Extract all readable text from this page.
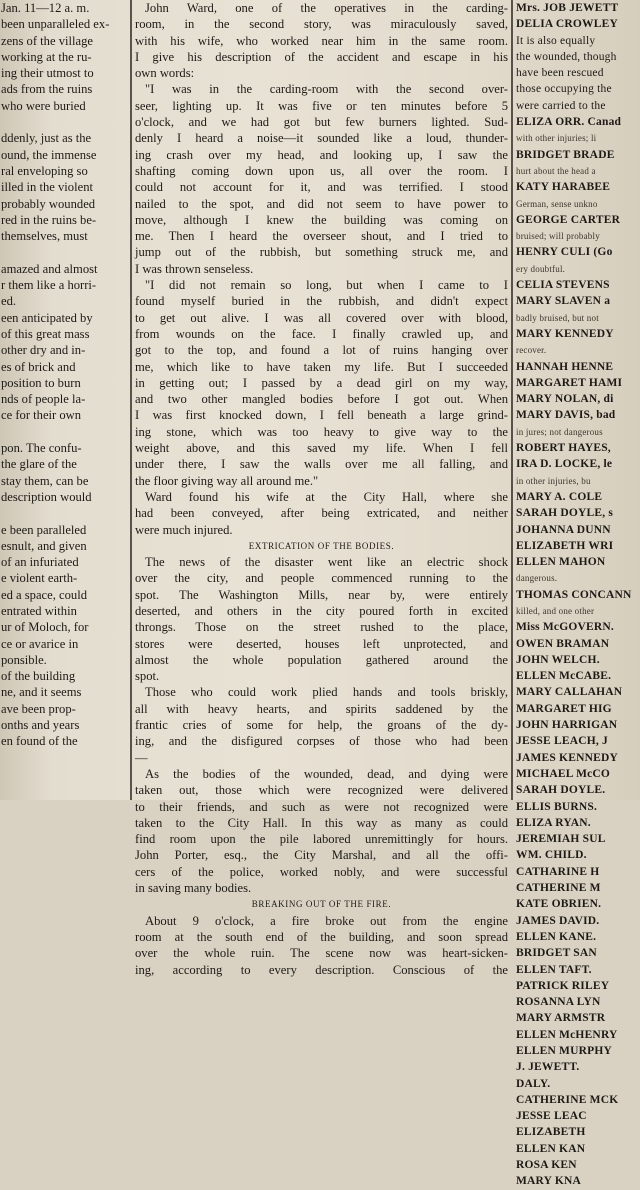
Jan. 11—12 a. m.
been unparalleled ex-
zens of the village
working at the ru-
ing their utmost to
ads from the ruins
who were buried
ddenly, just as the
ound, the immense
ral enveloping so
illed in the violent
probably wounded
red in the ruins be-
themselves, must
amazed and almost
r them like a horri-
ed.
een anticipated by
of this great mass
other dry and in-
es of brick and
position to burn
nds of people la-
ce for their own
pon. The confu-
the glare of the
stay them, can be
description would
e been paralleled
esnult, and given
of an infuriated
e violent earth-
ed a space, could
entrated within
ur of Moloch, for
ce or avarice in
ponsible.
of the building
ne, and it seems
ave been prop-
onths and years
en found of the
John Ward, one of the operatives in the carding-
room, in the second story, was miraculously saved,
with his wife, who worked near him in the same room.
I give his description of the accident and escape in his
own words:
"I was in the carding-room with the second over-
seer, lighting up. It was five or ten minutes before 5
o'clock, and we had got but few burners lighted. Sud-
denly I heard a noise—it sounded like a loud, thunder-
ing crash over my head, and looking up, I saw the
shafting coming down upon us, all over the room. I
could not account for it, and was terrified. I stood
nailed to the spot, and did not seem to have power to
move, although I knew the building was coming on
me. Then I heard the overseer shout, and I tried to
jump out of the rubbish, but something struck me, and
I was thrown senseless.
"I did not remain so long, but when I came to I
found myself buried in the rubbish, and didn't expect
to get out alive. I was all covered over with blood,
from wounds on the face. I finally crawled up, and
got to the top, and found a lot of ruins hanging over
me, which like to have taken my life. But I succeeded
in getting out; I passed by a dead girl on my way,
and two other mangled bodies before I got out. When
I was first knocked down, I fell beneath a large grind-
ing stone, which was too heavy to give way to the
weight above, and this saved my life. When I fell
under there, I saw the walls over me all falling, and
the floor giving way all around me."
Ward found his wife at the City Hall, where she
had been conveyed, after being extricated, and neither
were much injured.
EXTRICATION OF THE BODIES.
The news of the disaster went like an electric shock
over the city, and people commenced running to the
spot. The Washington Mills, near by, were entirely
deserted, and others in the city poured forth in excited
throngs. Those on the street rushed to the place,
stores were deserted, houses left unprotected, and
almost the whole population gathered around the
spot.
Those who could work plied hands and tools briskly,
all with heavy hearts, and spirits saddened by the
frantic cries of some for help, the groans of the dy-
ing, and the disfigured corpses of those who had been
—
As the bodies of the wounded, dead, and dying were
taken out, those which were recognized were delivered
to their friends, and such as were not recognized were
taken to the City Hall. In this way as many as could
find room upon the pile labored unremittingly for hours.
John Porter, esq., the City Marshal, and all the offi-
cers of the police, worked nobly, and were successful
in saving many bodies.
BREAKING OUT OF THE FIRE.
About 9 o'clock, a fire broke out from the engine
room at the south end of the building, and soon spread
over the whole ruin. The scene now was heart-sicken-
ing, according to every description. Conscious of the
Mrs. JOB JEWETT
DELIA CROWLEY
It is also equally
the wounded, though
have been rescued
those occupying the
were carried to the
ELIZA ORR. Canad
with other injuries; li
BRIDGET BRADE
hurt about the head a
KATY HARABEE
German, sense unkno
GEORGE CARTER
bruised; will probably
HENRY CULI (Go
ery doubtful.
CELIA STEVENS
MARY SLAVEN a
badly bruised, but not
MARY KENNEDY
recover.
HANNAH HENNE
MARGARET HAMI
MARY NOLAN, di
MARY DAVIS, bad
in jures; not dangerous
ROBERT HAYES,
IRA D. LOCKE, le
in other injuries, bu
MARY A. COLE
SARAH DOYLE, s
JOHANNA DUNN
ELIZABETH WRI
ELLEN MAHON
dangerous.
THOMAS CONCANN
killed, and one other
Miss McGOVERN.
OWEN BRAMAN
JOHN WELCH.
ELLEN McCABE.
MARY CALLAHAN
MARGARET HIG
JOHN HARRIGAN
JESSE LEACH, J
JAMES KENNEDY
MICHAEL McCO
SARAH DOYLE.
ELLIS BURNS.
ELIZA RYAN.
JEREMIAH SUL
WM. CHILD.
CATHARINE H
CATHERINE M
KATE OBRIEN.
JAMES DAVID.
ELLEN KANE.
BRIDGET SAN
ELLEN TAFT.
PATRICK RILEY
ROSANNA LYN
MARY ARMSTR
ELLEN McHENRY
ELLEN MURPHY
J. JEWETT.
DALY.
CATHERINE MCK
JESSE LEAC
ELIZABETH
ELLEN KAN
ROSA KEN
MARY KNA
